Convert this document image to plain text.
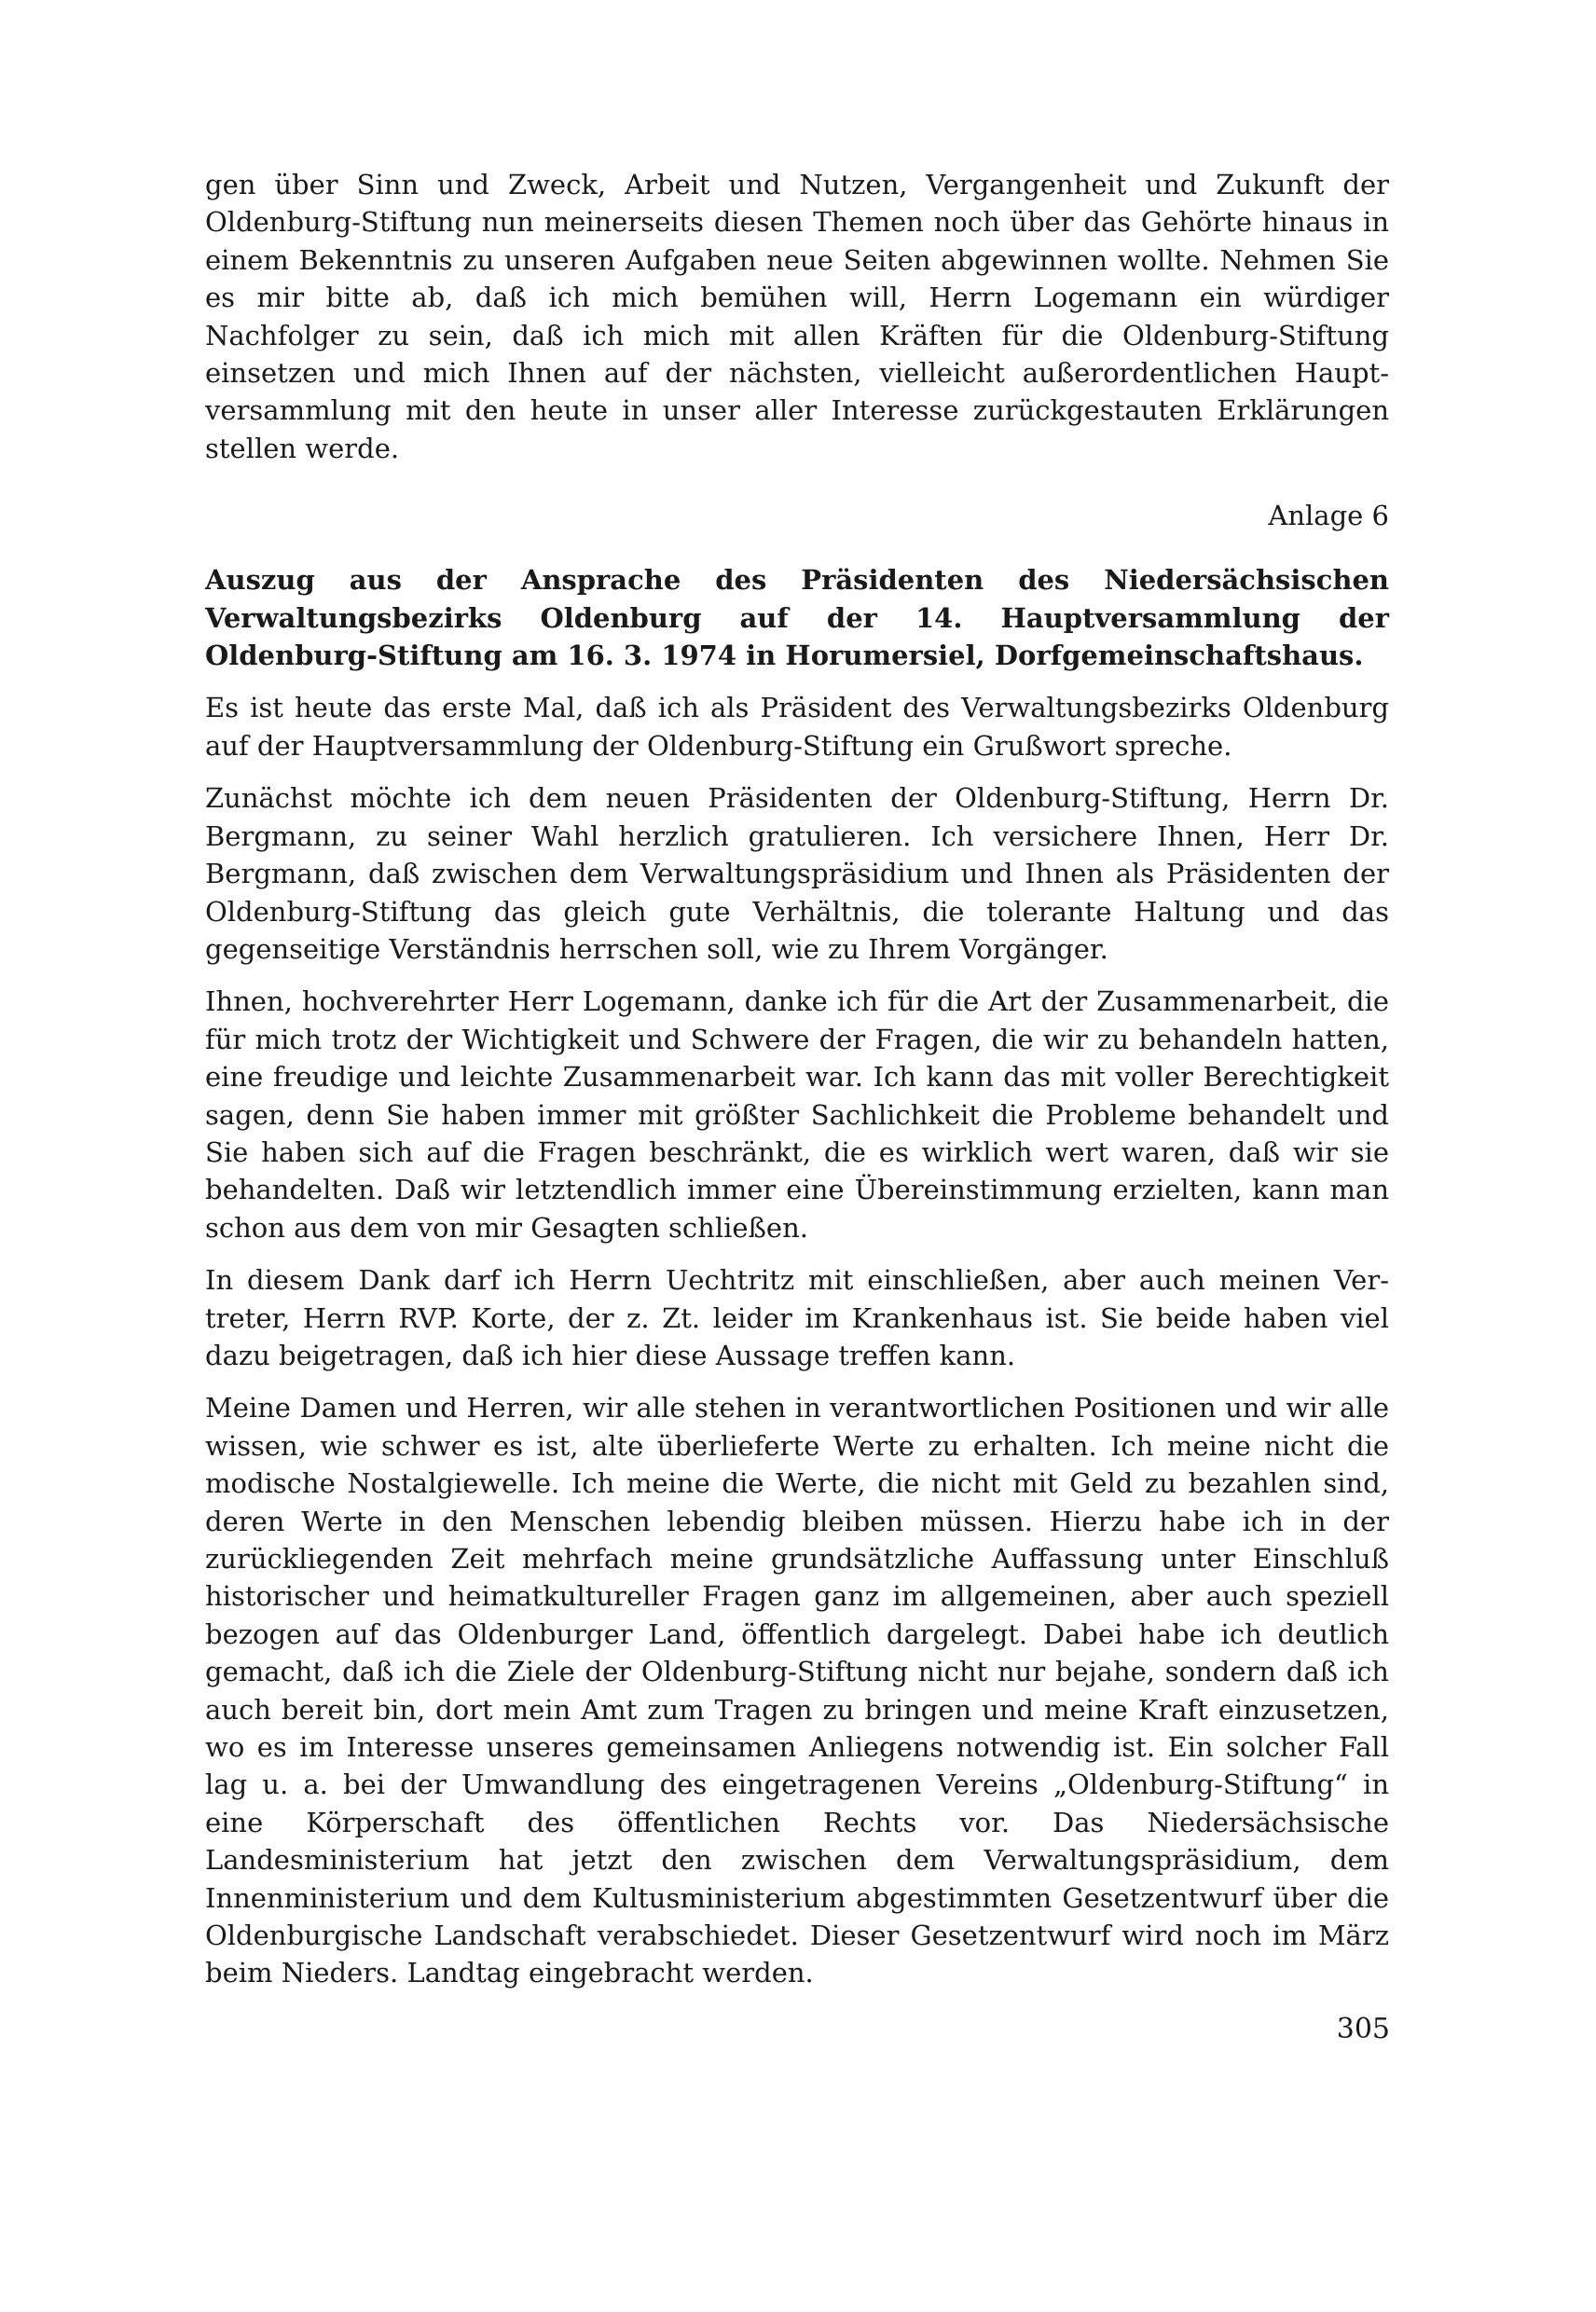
gen über Sinn und Zweck, Arbeit und Nutzen, Vergangenheit und Zukunft der Oldenburg-Stiftung nun meinerseits diesen Themen noch über das Gehörte hinaus in einem Bekenntnis zu unseren Aufgaben neue Seiten abgewinnen wollte. Nehmen Sie es mir bitte ab, daß ich mich bemühen will, Herrn Logemann ein würdiger Nachfolger zu sein, daß ich mich mit allen Kräften für die Oldenburg-Stiftung einsetzen und mich Ihnen auf der nächsten, vielleicht außerordentlichen Hauptversammlung mit den heute in unser aller Interesse zurückgestauten Erklärungen stellen werde.

Anlage 6

Auszug aus der Ansprache des Präsidenten des Niedersächsischen Verwaltungsbezirks Oldenburg auf der 14. Hauptversammlung der Oldenburg-Stiftung am 16. 3. 1974 in Horumersiel, Dorfgemeinschaftshaus.

Es ist heute das erste Mal, daß ich als Präsident des Verwaltungsbezirks Oldenburg auf der Hauptversammlung der Oldenburg-Stiftung ein Grußwort spreche.

Zunächst möchte ich dem neuen Präsidenten der Oldenburg-Stiftung, Herrn Dr. Bergmann, zu seiner Wahl herzlich gratulieren. Ich versichere Ihnen, Herr Dr. Bergmann, daß zwischen dem Verwaltungspräsidium und Ihnen als Präsidenten der Oldenburg-Stiftung das gleich gute Verhältnis, die tolerante Haltung und das gegenseitige Verständnis herrschen soll, wie zu Ihrem Vorgänger.

Ihnen, hochverehrter Herr Logemann, danke ich für die Art der Zusammenarbeit, die für mich trotz der Wichtigkeit und Schwere der Fragen, die wir zu behandeln hatten, eine freudige und leichte Zusammenarbeit war. Ich kann das mit voller Berechtigkeit sagen, denn Sie haben immer mit größter Sachlichkeit die Probleme behandelt und Sie haben sich auf die Fragen beschränkt, die es wirklich wert waren, daß wir sie behandelten. Daß wir letztendlich immer eine Übereinstimmung erzielten, kann man schon aus dem von mir Gesagten schließen.

In diesem Dank darf ich Herrn Uechtritz mit einschließen, aber auch meinen Vertreter, Herrn RVP. Korte, der z. Zt. leider im Krankenhaus ist. Sie beide haben viel dazu beigetragen, daß ich hier diese Aussage treffen kann.

Meine Damen und Herren, wir alle stehen in verantwortlichen Positionen und wir alle wissen, wie schwer es ist, alte überlieferte Werte zu erhalten. Ich meine nicht die modische Nostalgiewelle. Ich meine die Werte, die nicht mit Geld zu bezahlen sind, deren Werte in den Menschen lebendig bleiben müssen. Hierzu habe ich in der zurückliegenden Zeit mehrfach meine grundsätzliche Auffassung unter Einschluß historischer und heimatkultureller Fragen ganz im allgemeinen, aber auch speziell bezogen auf das Oldenburger Land, öffentlich dargelegt. Dabei habe ich deutlich gemacht, daß ich die Ziele der Oldenburg-Stiftung nicht nur bejahe, sondern daß ich auch bereit bin, dort mein Amt zum Tragen zu bringen und meine Kraft einzusetzen, wo es im Interesse unseres gemeinsamen Anliegens notwendig ist. Ein solcher Fall lag u. a. bei der Umwandlung des eingetragenen Vereins „Oldenburg-Stiftung“ in eine Körperschaft des öffentlichen Rechts vor. Das Niedersächsische Landesministerium hat jetzt den zwischen dem Verwaltungspräsidium, dem Innenministerium und dem Kultusministerium abgestimmten Gesetzentwurf über die Oldenburgische Landschaft verabschiedet. Dieser Gesetzentwurf wird noch im März beim Nieders. Landtag eingebracht werden.

305
